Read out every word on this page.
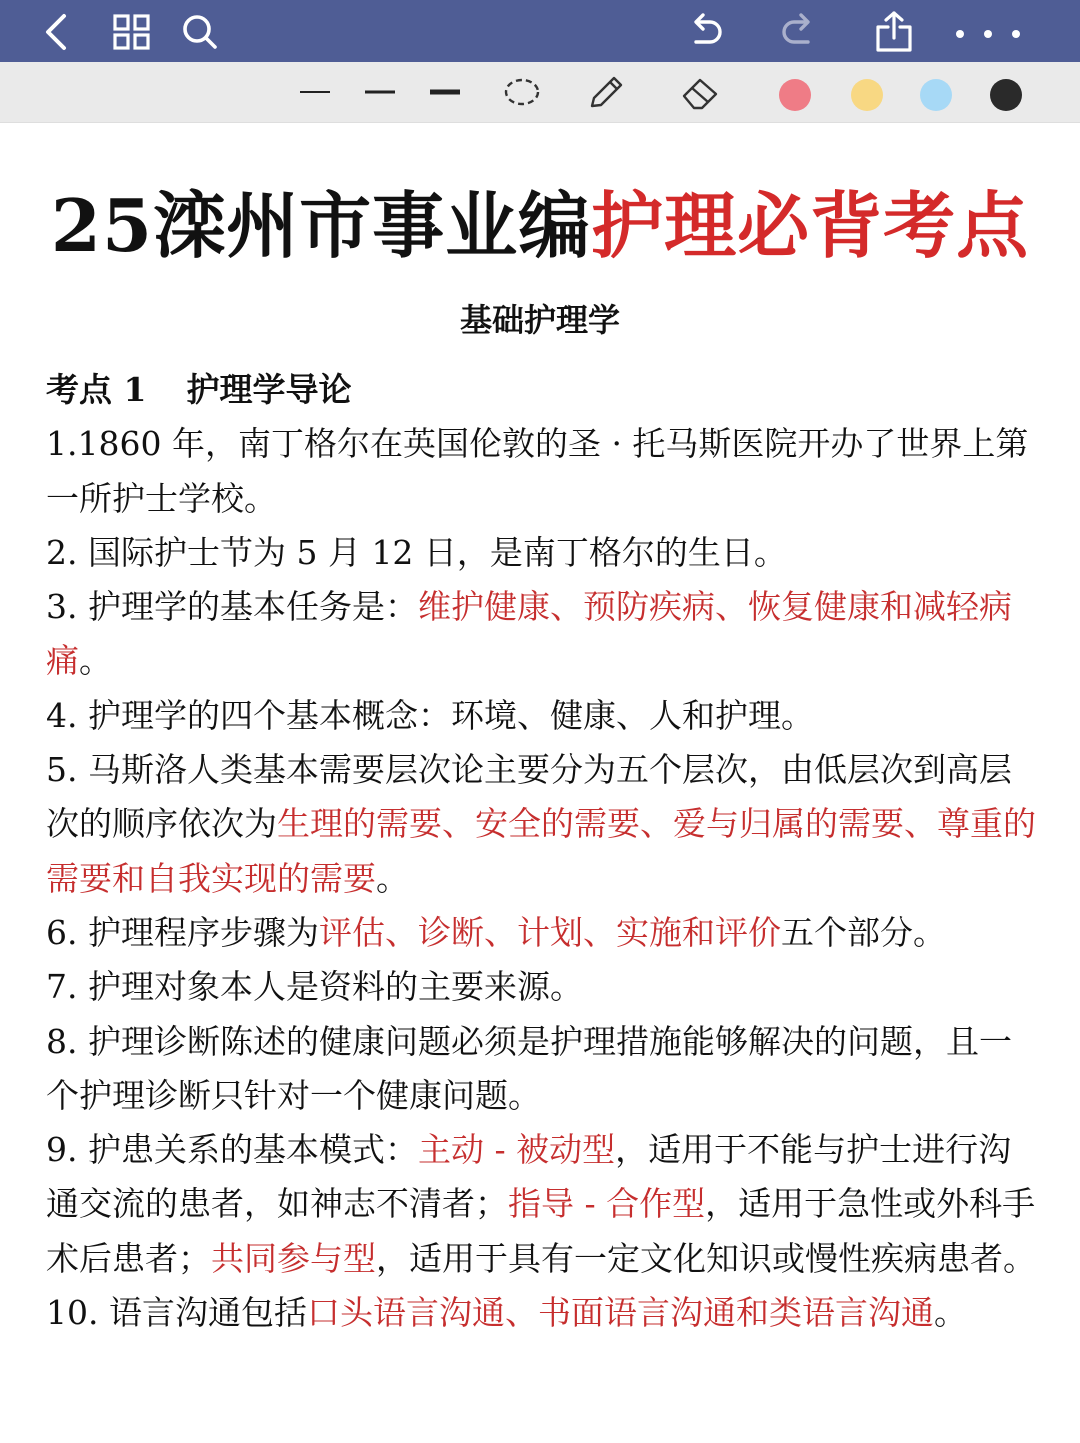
25滦州市事业编护理必背考点
基础护理学

考点 1 护理学导论

1.1860 年，南丁格尔在英国伦敦的圣 · 托马斯医院开办了世界上第一所护士学校。

2. 国际护士节为 5 月 12 日，是南丁格尔的生日。

3. 护理学的基本任务是：维护健康、预防疾病、恢复健康和减轻病痛。

4. 护理学的四个基本概念：环境、健康、人和护理。

5. 马斯洛人类基本需要层次论主要分为五个层次，由低层次到高层次的顺序依次为生理的需要、安全的需要、爱与归属的需要、尊重的需要和自我实现的需要。

6. 护理程序步骤为评估、诊断、计划、实施和评价五个部分。

7. 护理对象本人是资料的主要来源。

8. 护理诊断陈述的健康问题必须是护理措施能够解决的问题，且一个护理诊断只针对一个健康问题。

9. 护患关系的基本模式：主动 - 被动型，适用于不能与护士进行沟通交流的患者，如神志不清者；指导 - 合作型，适用于急性或外科手术后患者；共同参与型，适用于具有一定文化知识或慢性疾病患者。

10. 语言沟通包括口头语言沟通、书面语言沟通和类语言沟通。
